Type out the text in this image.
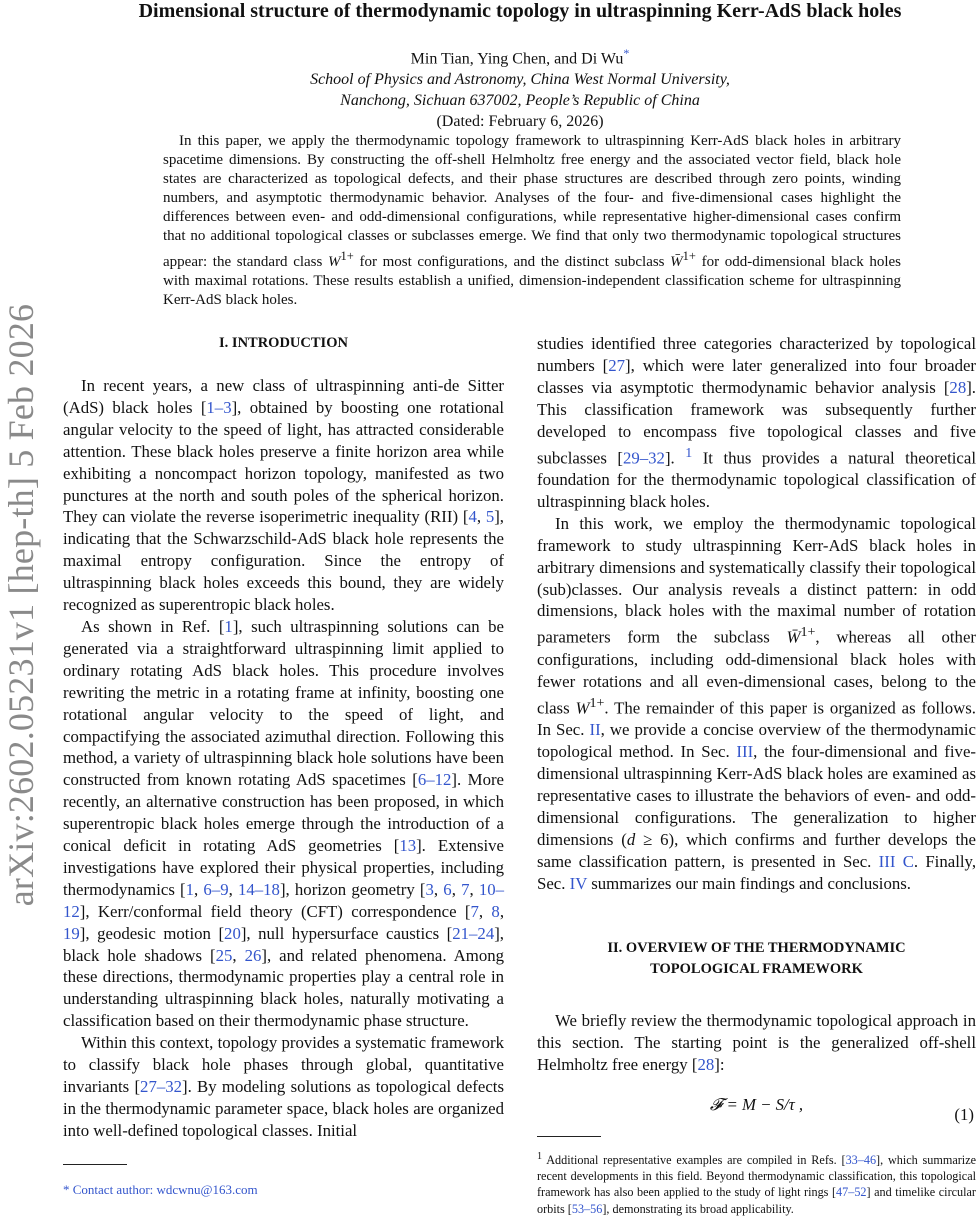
arXiv:2602.05231v1 [hep-th] 5 Feb 2026
Dimensional structure of thermodynamic topology in ultraspinning Kerr-AdS black holes
Min Tian, Ying Chen, and Di Wu*
School of Physics and Astronomy, China West Normal University,
Nanchong, Sichuan 637002, People’s Republic of China
(Dated: February 6, 2026)
In this paper, we apply the thermodynamic topology framework to ultraspinning Kerr-AdS black holes in arbitrary spacetime dimensions. By constructing the off-shell Helmholtz free energy and the associated vector field, black hole states are characterized as topological defects, and their phase structures are described through zero points, winding numbers, and asymptotic thermodynamic behavior. Analyses of the four- and five-dimensional cases highlight the differences between even- and odd-dimensional configurations, while representative higher-dimensional cases confirm that no additional topological classes or subclasses emerge. We find that only two thermodynamic topological structures appear: the standard class $W^{1+}$ for most configurations, and the distinct subclass W̄$^{1+}$ for odd-dimensional black holes with maximal rotations. These results establish a unified, dimension-independent classification scheme for ultraspinning Kerr-AdS black holes.

I. INTRODUCTION

In recent years, a new class of ultraspinning anti-de Sitter (AdS) black holes [1–3], obtained by boosting one rotational angular velocity to the speed of light, has attracted considerable attention. These black holes preserve a finite horizon area while exhibiting a noncompact horizon topology, manifested as two punctures at the north and south poles of the spherical horizon. They can violate the reverse isoperimetric inequality (RII) [4, 5], indicating that the Schwarzschild-AdS black hole represents the maximal entropy configuration. Since the entropy of ultraspinning black holes exceeds this bound, they are widely recognized as superentropic black holes.

As shown in Ref. [1], such ultraspinning solutions can be generated via a straightforward ultraspinning limit applied to ordinary rotating AdS black holes. This procedure involves rewriting the metric in a rotating frame at infinity, boosting one rotational angular velocity to the speed of light, and compactifying the associated azimuthal direction. Following this method, a variety of ultraspinning black hole solutions have been constructed from known rotating AdS spacetimes [6–12]. More recently, an alternative construction has been proposed, in which superentropic black holes emerge through the introduction of a conical deficit in rotating AdS geometries [13]. Extensive investigations have explored their physical properties, including thermodynamics [1, 6–9, 14–18], horizon geometry [3, 6, 7, 10–12], Kerr/conformal field theory (CFT) correspondence [7, 8, 19], geodesic motion [20], null hypersurface caustics [21–24], black hole shadows [25, 26], and related phenomena. Among these directions, thermodynamic properties play a central role in understanding ultraspinning black holes, naturally motivating a classification based on their thermodynamic phase structure.

Within this context, topology provides a systematic framework to classify black hole phases through global, quantitative invariants [27–32]. By modeling solutions as topological defects in the thermodynamic parameter space, black holes are organized into well-defined topological classes. Initial

* Contact author: wdcwnu@163.com

studies identified three categories characterized by topological numbers [27], which were later generalized into four broader classes via asymptotic thermodynamic behavior analysis [28]. This classification framework was subsequently further developed to encompass five topological classes and five subclasses [29–32]. $^1$ It thus provides a natural theoretical foundation for the thermodynamic topological classification of ultraspinning black holes.

In this work, we employ the thermodynamic topological framework to study ultraspinning Kerr-AdS black holes in arbitrary dimensions and systematically classify their topological (sub)classes. Our analysis reveals a distinct pattern: in odd dimensions, black holes with the maximal number of rotation parameters form the subclass W̄$^{1+}$, whereas all other configurations, including odd-dimensional black holes with fewer rotations and all even-dimensional cases, belong to the class $W^{1+}$. The remainder of this paper is organized as follows. In Sec. II, we provide a concise overview of the thermodynamic topological method. In Sec. III, the four-dimensional and five-dimensional ultraspinning Kerr-AdS black holes are examined as representative cases to illustrate the behaviors of even- and odd-dimensional configurations. The generalization to higher dimensions (d ≥ 6), which confirms and further develops the same classification pattern, is presented in Sec. III C. Finally, Sec. IV summarizes our main findings and conclusions.

II. OVERVIEW OF THE THERMODYNAMIC

TOPOLOGICAL FRAMEWORK

We briefly review the thermodynamic topological approach in this section. The starting point is the generalized off-shell Helmholtz free energy [28]:

𝓕 = M − S/τ ,
(1)
$^1$ Additional representative examples are compiled in Refs. [33–46], which summarize recent developments in this field. Beyond thermodynamic classification, this topological framework has also been applied to the study of light rings [47–52] and timelike circular orbits [53–56], demonstrating its broad applicability.
